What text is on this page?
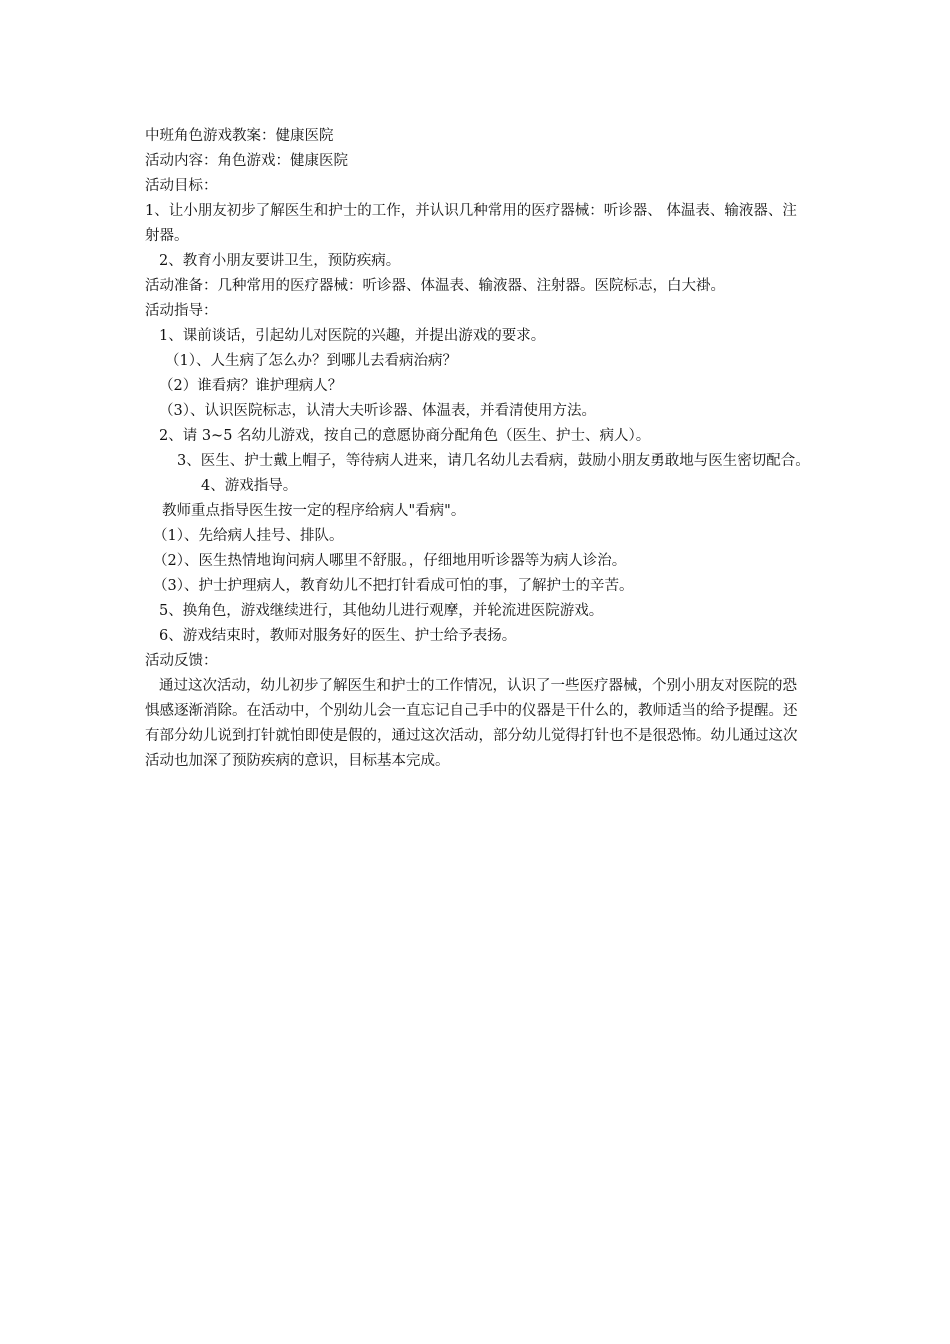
中班角色游戏教案：健康医院

活动内容：角色游戏：健康医院

活动目标：

1、让小朋友初步了解医生和护士的工作，并认识几种常用的医疗器械：听诊器、 体温表、输液器、注射器。

2、教育小朋友要讲卫生，预防疾病。

活动准备：几种常用的医疗器械：听诊器、体温表、输液器、注射器。医院标志，白大褂。

活动指导：

1、课前谈话，引起幼儿对医院的兴趣，并提出游戏的要求。

（1）、人生病了怎么办？到哪儿去看病治病？

（2）谁看病？谁护理病人？

（3）、认识医院标志，认清大夫听诊器、体温表，并看清使用方法。

2、请 3~5 名幼儿游戏，按自己的意愿协商分配角色（医生、护士、病人）。

3、医生、护士戴上帽子，等待病人进来，请几名幼儿去看病，鼓励小朋友勇敢地与医生密切配合。

4、游戏指导。

教师重点指导医生按一定的程序给病人"看病"。

（1）、先给病人挂号、排队。

（2）、医生热情地询问病人哪里不舒服。，仔细地用听诊器等为病人诊治。

（3）、护士护理病人，教育幼儿不把打针看成可怕的事，了解护士的辛苦。

5、换角色，游戏继续进行，其他幼儿进行观摩，并轮流进医院游戏。

6、游戏结束时，教师对服务好的医生、护士给予表扬。

活动反馈：

通过这次活动，幼儿初步了解医生和护士的工作情况，认识了一些医疗器械，个别小朋友对医院的恐惧感逐渐消除。在活动中，个别幼儿会一直忘记自己手中的仪器是干什么的，教师适当的给予提醒。还有部分幼儿说到打针就怕即使是假的，通过这次活动，部分幼儿觉得打针也不是很恐怖。幼儿通过这次活动也加深了预防疾病的意识，目标基本完成。
